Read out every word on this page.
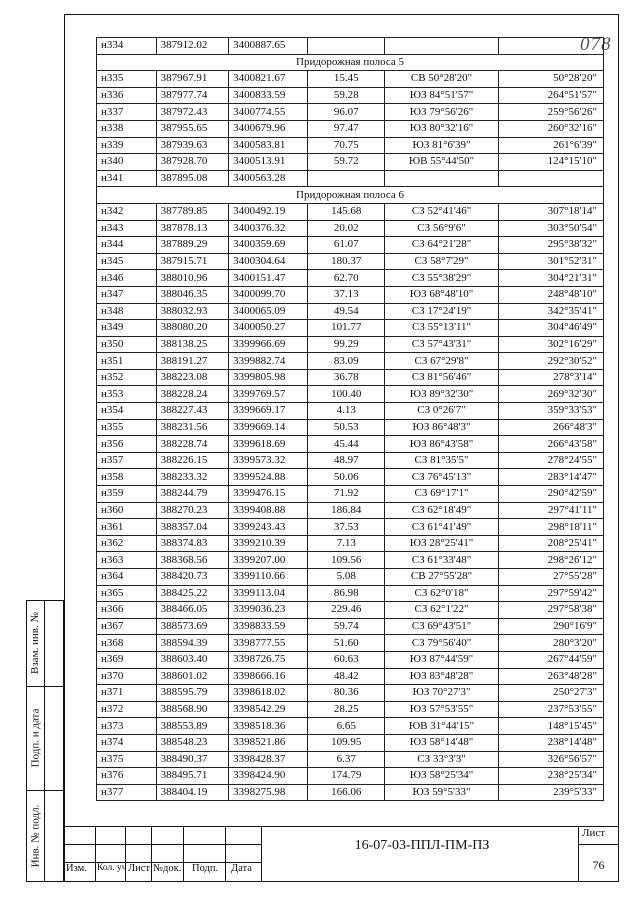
078
н334	387912.02	3400887.65			
Придорожная полоса 5					
н335	387967.91	3400821.67	15.45	СВ 50°28'20"	50°28'20"
н336	387977.74	3400833.59	59.28	ЮЗ 84°51'57"	264°51'57"
н337	387972.43	3400774.55	96.07	ЮЗ 79°56'26"	259°56'26"
н338	387955.65	3400679.96	97.47	ЮЗ 80°32'16"	260°32'16"
н339	387939.63	3400583.81	70.75	ЮЗ 81°6'39"	261°6'39"
н340	387928.70	3400513.91	59.72	ЮВ 55°44'50"	124°15'10"
н341	387895.08	3400563.28			
Придорожная полоса 6					
н342	387789.85	3400492.19	145.68	СЗ 52°41'46"	307°18'14"
н343	387878.13	3400376.32	20.02	СЗ 56°9'6"	303°50'54"
н344	387889.29	3400359.69	61.07	СЗ 64°21'28"	295°38'32"
н345	387915.71	3400304.64	180.37	СЗ 58°7'29"	301°52'31"
н346	388010.96	3400151.47	62.70	СЗ 55°38'29"	304°21'31"
н347	388046.35	3400099.70	37.13	ЮЗ 68°48'10"	248°48'10"
н348	388032.93	3400065.09	49.54	СЗ 17°24'19"	342°35'41"
н349	388080.20	3400050.27	101.77	СЗ 55°13'11"	304°46'49"
н350	388138.25	3399966.69	99.29	СЗ 57°43'31"	302°16'29"
н351	388191.27	3399882.74	83.09	СЗ 67°29'8"	292°30'52"
н352	388223.08	3399805.98	36.78	СЗ 81°56'46"	278°3'14"
н353	388228.24	3399769.57	100.40	ЮЗ 89°32'30"	269°32'30"
н354	388227.43	3399669.17	4.13	СЗ 0°26'7"	359°33'53"
н355	388231.56	3399669.14	50.53	ЮЗ 86°48'3"	266°48'3"
н356	388228.74	3399618.69	45.44	ЮЗ 86°43'58"	266°43'58"
н357	388226.15	3399573.32	48.97	СЗ 81°35'5"	278°24'55"
н358	388233.32	3399524.88	50.06	СЗ 76°45'13"	283°14'47"
н359	388244.79	3399476.15	71.92	СЗ 69°17'1"	290°42'59"
н360	388270.23	3399408.88	186.84	СЗ 62°18'49"	297°41'11"
н361	388357.04	3399243.43	37.53	СЗ 61°41'49"	298°18'11"
н362	388374.83	3399210.39	7.13	ЮЗ 28°25'41"	208°25'41"
н363	388368.56	3399207.00	109.56	СЗ 61°33'48"	298°26'12"
н364	388420.73	3399110.66	5.08	СВ 27°55'28"	27°55'28"
н365	388425.22	3399113.04	86.98	СЗ 62°0'18"	297°59'42"
н366	388466.05	3399036.23	229.46	СЗ 62°1'22"	297°58'38"
н367	388573.69	3398833.59	59.74	СЗ 69°43'51"	290°16'9"
н368	388594.39	3398777.55	51.60	СЗ 79°56'40"	280°3'20"
н369	388603.40	3398726.75	60.63	ЮЗ 87°44'59"	267°44'59"
н370	388601.02	3398666.16	48.42	ЮЗ 83°48'28"	263°48'28"
н371	388595.79	3398618.02	80.36	ЮЗ 70°27'3"	250°27'3"
н372	388568.90	3398542.29	28.25	ЮЗ 57°53'55"	237°53'55"
н373	388553.89	3398518.36	6.65	ЮВ 31°44'15"	148°15'45"
н374	388548.23	3398521.86	109.95	ЮЗ 58°14'48"	238°14'48"
н375	388490.37	3398428.37	6.37	СЗ 33°3'3"	326°56'57"
н376	388495.71	3398424.90	174.79	ЮЗ 58°25'34"	238°25'34"
н377	388404.19	3398275.98	166.06	ЮЗ 59°5'33"	239°5'33"
Взам. инв. №
Подп. и дата
Инв. № подл.
Изм. Кол. уч Лист №док. Подп. Дата
16-07-03-ППЛ-ПМ-ПЗ
Лист
76
